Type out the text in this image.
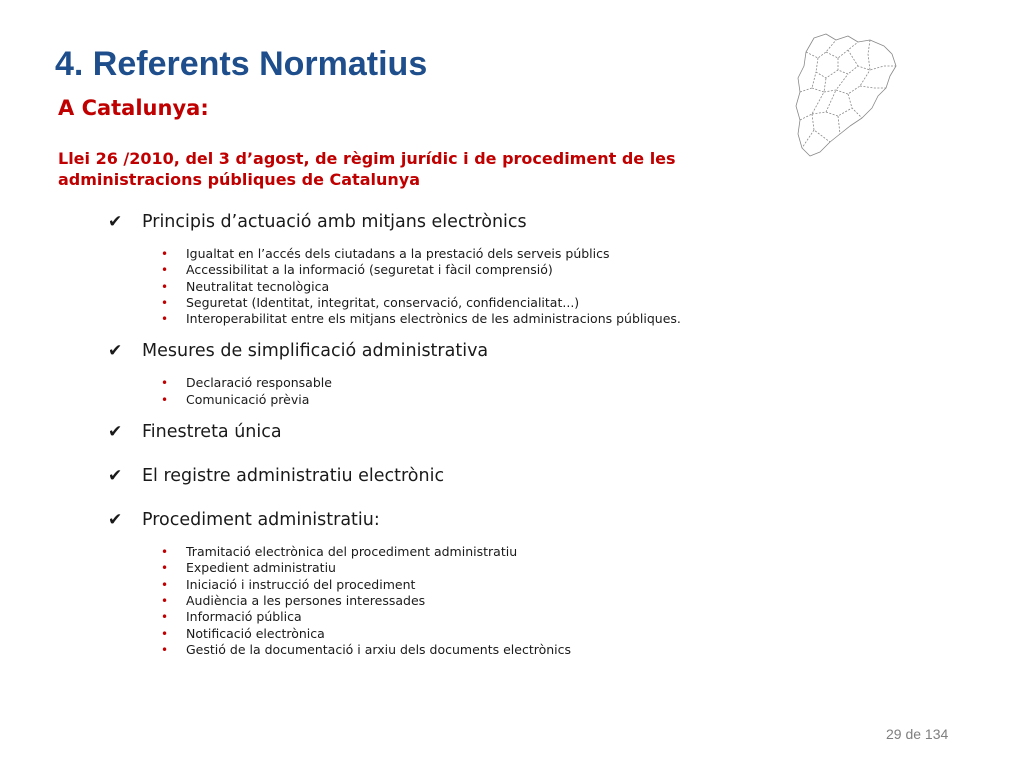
4. Referents Normatius
A Catalunya:
Llei 26 /2010, del 3 d’agost, de règim jurídic i de procediment de les administracions públiques de Catalunya
✔	Principis d’actuació amb mitjans electrònics
• Igualtat en l’accés dels ciutadans a la prestació dels serveis públics
• Accessibilitat a la informació (seguretat i fàcil comprensió)
• Neutralitat tecnològica
• Seguretat (Identitat, integritat, conservació, confidencialitat...)
• Interoperabilitat entre els mitjans electrònics de les administracions públiques.
✔	Mesures de simplificació administrativa
• Declaració responsable
• Comunicació prèvia
✔	Finestreta única
✔	El registre administratiu electrònic
✔	Procediment administratiu:
• Tramitació electrònica del procediment administratiu
• Expedient administratiu
• Iniciació i instrucció del procediment
• Audiència a les persones interessades
• Informació pública
• Notificació electrònica
• Gestió de la documentació i arxiu dels documents electrònics
29 de 134
